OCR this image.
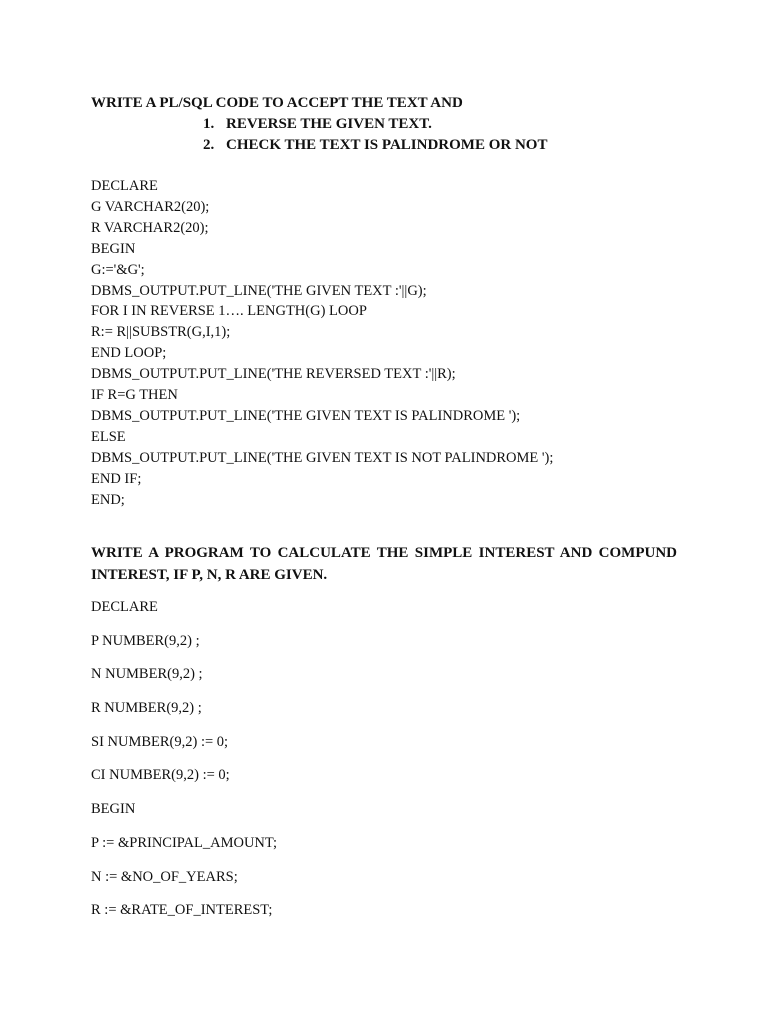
WRITE A PL/SQL CODE TO ACCEPT THE TEXT AND

1. REVERSE THE GIVEN TEXT.
2. CHECK THE TEXT IS PALINDROME OR NOT
DECLARE
G VARCHAR2(20);
R VARCHAR2(20);
BEGIN
G:='&G';
DBMS_OUTPUT.PUT_LINE('THE GIVEN TEXT :'||G);
FOR I IN REVERSE 1…. LENGTH(G) LOOP
R:= R||SUBSTR(G,I,1);
END LOOP;
DBMS_OUTPUT.PUT_LINE('THE REVERSED TEXT :'||R);
IF R=G THEN
DBMS_OUTPUT.PUT_LINE('THE GIVEN TEXT IS PALINDROME ');
ELSE
DBMS_OUTPUT.PUT_LINE('THE GIVEN TEXT IS NOT PALINDROME ');
END IF;
END;

WRITE A PROGRAM TO CALCULATE THE SIMPLE INTEREST AND COMPUND INTEREST, IF P, N, R ARE GIVEN.

DECLARE
P NUMBER(9,2) ;
N NUMBER(9,2) ;
R NUMBER(9,2) ;
SI NUMBER(9,2) := 0;
CI NUMBER(9,2) := 0;
BEGIN
P := &PRINCIPAL_AMOUNT;
N := &NO_OF_YEARS;
R := &RATE_OF_INTEREST;
